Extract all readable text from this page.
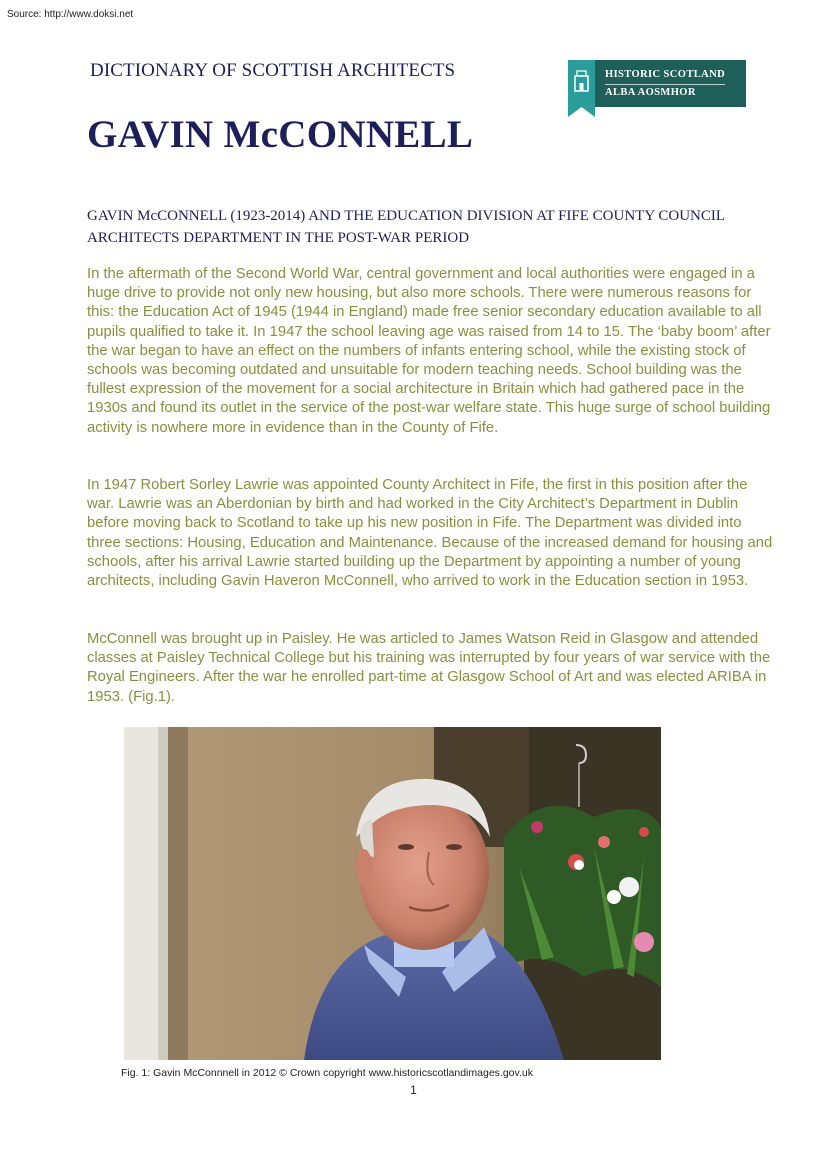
Source: http://www.doksi.net

DICTIONARY OF SCOTTISH ARCHITECTS	HISTORIC SCOTLAND
ALBA AOSMHOR
GAVIN McCONNELL

GAVIN McCONNELL (1923-2014) AND THE EDUCATION DIVISION AT FIFE COUNTY COUNCIL ARCHITECTS DEPARTMENT IN THE POST-WAR PERIOD

In the aftermath of the Second World War, central government and local authorities were engaged in a huge drive to provide not only new housing, but also more schools. There were numerous reasons for this: the Education Act of 1945 (1944 in England) made free senior secondary education available to all pupils qualified to take it. In 1947 the school leaving age was raised from 14 to 15. The ‘baby boom’ after the war began to have an effect on the numbers of infants entering school, while the existing stock of schools was becoming outdated and unsuitable for modern teaching needs. School building was the fullest expression of the movement for a social architecture in Britain which had gathered pace in the 1930s and found its outlet in the service of the post-war welfare state. This huge surge of school building activity is nowhere more in evidence than in the County of Fife.

In 1947 Robert Sorley Lawrie was appointed County Architect in Fife, the first in this position after the war. Lawrie was an Aberdonian by birth and had worked in the City Architect’s Department in Dublin before moving back to Scotland to take up his new position in Fife. The Department was divided into three sections: Housing, Education and Maintenance. Because of the increased demand for housing and schools, after his arrival Lawrie started building up the Department by appointing a number of young architects, including Gavin Haveron McConnell, who arrived to work in the Education section in 1953.

McConnell was brought up in Paisley. He was articled to James Watson Reid in Glasgow and attended classes at Paisley Technical College but his training was interrupted by four years of war service with the Royal Engineers. After the war he enrolled part-time at Glasgow School of Art and was elected ARIBA in 1953. (Fig.1).

Fig. 1: Gavin McConnnell in 2012 © Crown copyright www.historicscotlandimages.gov.uk

1
